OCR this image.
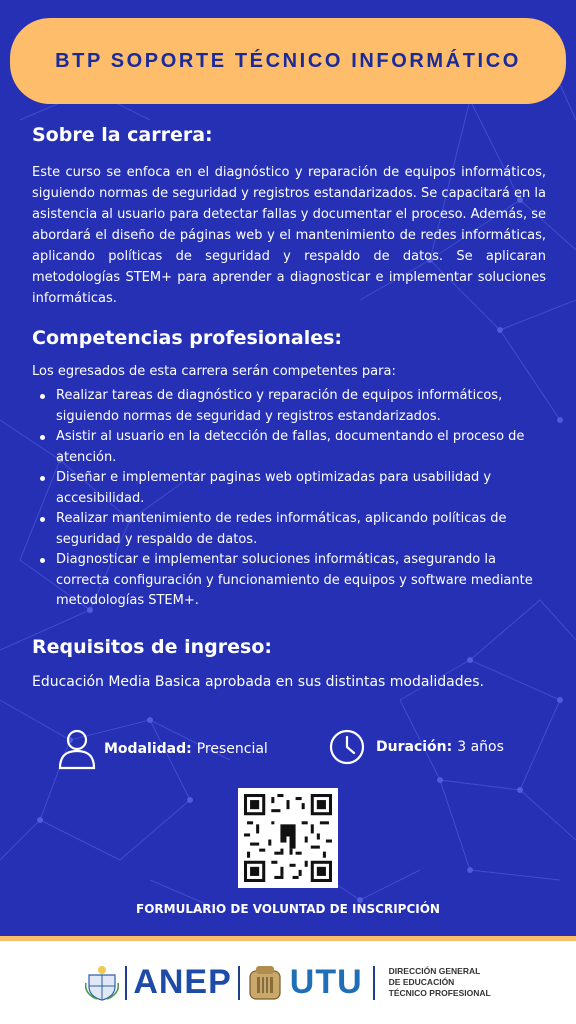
BTP SOPORTE TÉCNICO INFORMÁTICO
Sobre la carrera:
Este curso se enfoca en el diagnóstico y reparación de equipos informáticos, siguiendo normas de seguridad y registros estandarizados. Se capacitará en la asistencia al usuario para detectar fallas y documentar el proceso. Además, se abordará el diseño de páginas web y el mantenimiento de redes informáticas, aplicando políticas de seguridad y respaldo de datos. Se aplicaran metodologías STEM+ para aprender a diagnosticar e implementar soluciones informáticas.
Competencias profesionales:
Los egresados de esta carrera serán competentes para:
Realizar tareas de diagnóstico y reparación de equipos informáticos, siguiendo normas de seguridad y registros estandarizados.
Asistir al usuario en la detección de fallas, documentando el proceso de atención.
Diseñar e implementar paginas web optimizadas para usabilidad y accesibilidad.
Realizar mantenimiento de redes informáticas, aplicando políticas de seguridad y respaldo de datos.
Diagnosticar e implementar soluciones informáticas, asegurando la correcta configuración y funcionamiento de equipos y software mediante metodologías STEM+.
Requisitos de ingreso:
Educación Media Basica aprobada en sus distintas modalidades.
Modalidad: Presencial	Duración: 3 años
FORMULARIO DE VOLUNTAD DE INSCRIPCIÓN
ANEP UTU	DIRECCIÓN GENERAL
DE EDUCACIÓN
TÉCNICO PROFESIONAL
